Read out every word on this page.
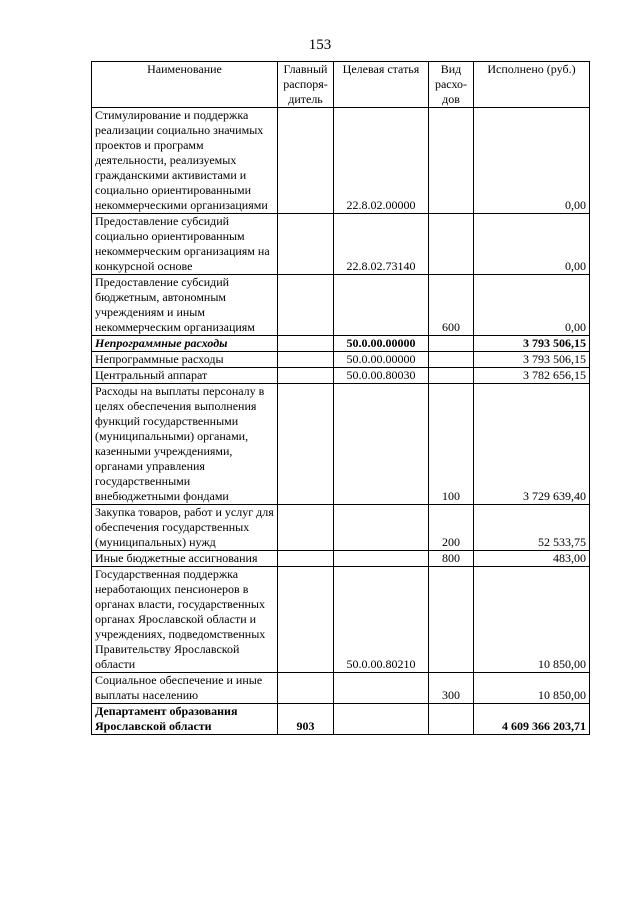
153
Наименование	Главный распоря-дитель	Целевая статья	Вид расхо-дов	Исполнено (руб.)
Стимулирование и поддержка реализации социально значимых проектов и программ деятельности, реализуемых гражданскими активистами и социально ориентированными некоммерческими организациями		22.8.02.00000		0,00
Предоставление субсидий социально ориентированным некоммерческим организациям на конкурсной основе		22.8.02.73140		0,00
Предоставление субсидий бюджетным, автономным учреждениям и иным некоммерческим организациям			600	0,00
Непрограммные расходы		50.0.00.00000		3 793 506,15
Непрограммные расходы		50.0.00.00000		3 793 506,15
Центральный аппарат		50.0.00.80030		3 782 656,15
Расходы на выплаты персоналу в целях обеспечения выполнения функций государственными (муниципальными) органами, казенными учреждениями, органами управления государственными внебюджетными фондами			100	3 729 639,40
Закупка товаров, работ и услуг для обеспечения государственных (муниципальных) нужд			200	52 533,75
Иные бюджетные ассигнования			800	483,00
Государственная поддержка неработающих пенсионеров в органах власти, государственных органах Ярославской области и учреждениях, подведомственных Правительству Ярославской области		50.0.00.80210		10 850,00
Социальное обеспечение и иные выплаты населению			300	10 850,00
Департамент образования Ярославской области	903			4 609 366 203,71
